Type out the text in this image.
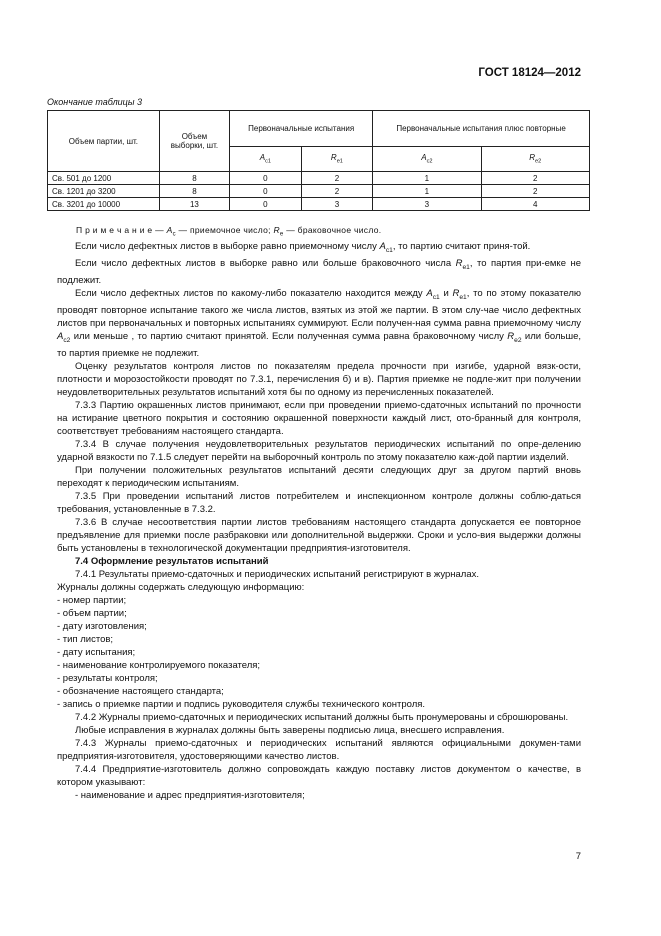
ГОСТ 18124—2012
Окончание таблицы 3
Объем партии, шт.	Объем выборки, шт.	Первоначальные испытания		Первоначальные испытания плюс повторные	
		$A_{c1}$	$R_{e1}$	$A_{c2}$	$R_{e2}$
Св. 501 до 1200	8	0	2	1	2
Св. 1201 до 3200	8	0	2	1	2
Св. 3201 до 10000	13	0	3	3	4
П р и м е ч а н и е — $A_c$ — приемочное число; $R_e$ — браковочное число.

Если число дефектных листов в выборке равно приемочному числу $A_{c1}$, то партию считают приня-той.

Если число дефектных листов в выборке равно или больше браковочного числа $R_{e1}$, то партия при-емке не подлежит.

Если число дефектных листов по какому-либо показателю находится между $A_{c1}$ и $R_{e1}$, то по этому показателю проводят повторное испытание такого же числа листов, взятых из этой же партии. В этом слу-чае число дефектных листов при первоначальных и повторных испытаниях суммируют. Если получен-ная сумма равна приемочному числу $A_{c2}$ или меньше , то партию считают принятой. Если полученная сумма равна браковочному числу $R_{e2}$ или больше, то партия приемке не подлежит.

Оценку результатов контроля листов по показателям предела прочности при изгибе, ударной вязк-ости, плотности и морозостойкости проводят по 7.3.1, перечисления б) и в). Партия приемке не подле-жит при получении неудовлетворительных результатов испытаний хотя бы по одному из перечисленных показателей.

7.3.3 Партию окрашенных листов принимают, если при проведении приемо-сдаточных испытаний по прочности на истирание цветного покрытия и состоянию окрашенной поверхности каждый лист, ото-бранный для контроля, соответствует требованиям настоящего стандарта.

7.3.4 В случае получения неудовлетворительных результатов периодических испытаний по опре-делению ударной вязкости по 7.1.5 следует перейти на выборочный контроль по этому показателю каж-дой партии изделий.

При получении положительных результатов испытаний десяти следующих друг за другом партий вновь переходят к периодическим испытаниям.

7.3.5 При проведении испытаний листов потребителем и инспекционном контроле должны соблю-даться требования, установленные в 7.3.2.

7.3.6 В случае несоответствия партии листов требованиям настоящего стандарта допускается ее повторное предъявление для приемки после разбраковки или дополнительной выдержки. Сроки и усло-вия выдержки должны быть установлены в технологической документации предприятия-изготовителя.

7.4 Оформление результатов испытаний

7.4.1 Результаты приемо-сдаточных и периодических испытаний регистрируют в журналах.

Журналы должны содержать следующую информацию:

- номер партии;

- объем партии;

- дату изготовления;

- тип листов;

- дату испытания;

- наименование контролируемого показателя;

- результаты контроля;

- обозначение настоящего стандарта;

- запись о приемке партии и подпись руководителя службы технического контроля.

7.4.2 Журналы приемо-сдаточных и периодических испытаний должны быть пронумерованы и сброшюрованы.

Любые исправления в журналах должны быть заверены подписью лица, внесшего исправления.

7.4.3 Журналы приемо-сдаточных и периодических испытаний являются официальными докумен-тами предприятия-изготовителя, удостоверяющими качество листов.

7.4.4 Предприятие-изготовитель должно сопровождать каждую поставку листов документом о качестве, в котором указывают:

- наименование и адрес предприятия-изготовителя;

7
